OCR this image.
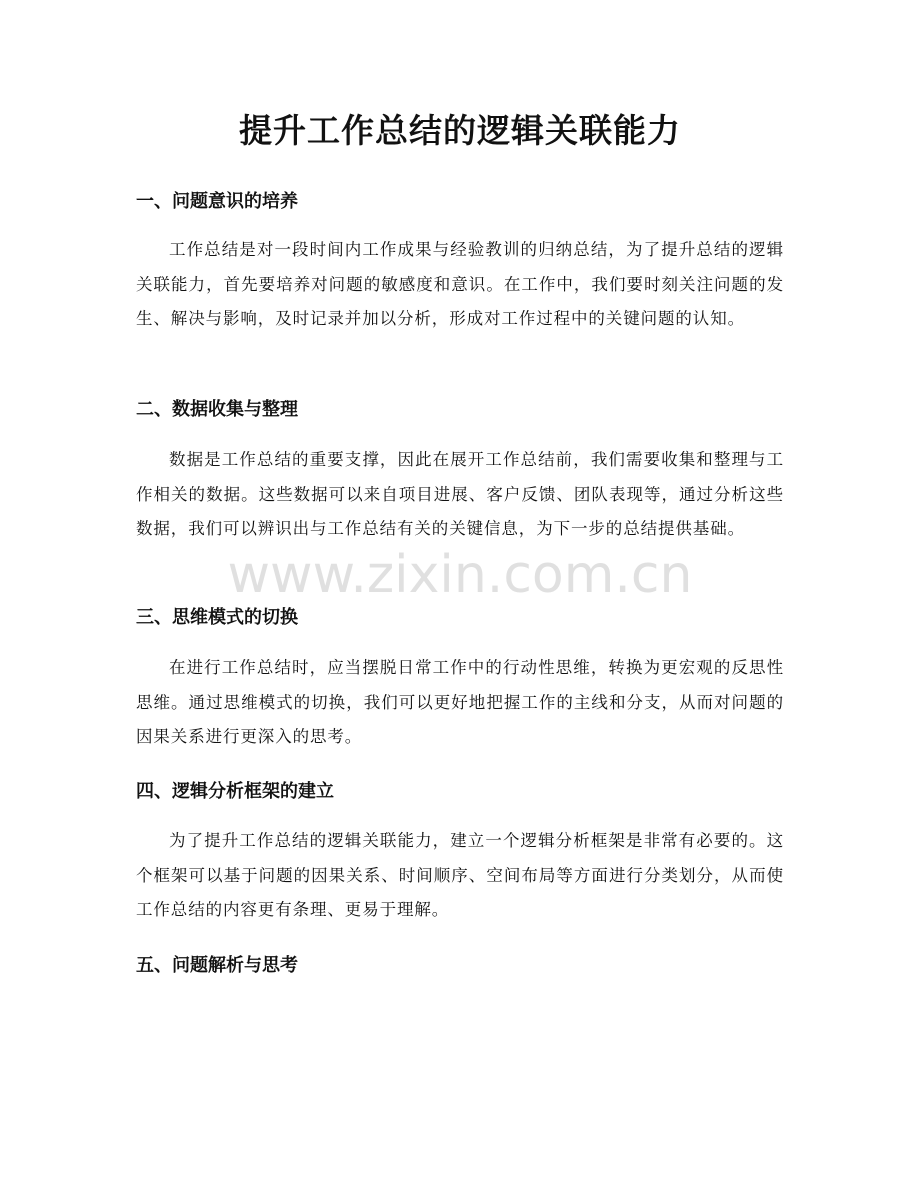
提升工作总结的逻辑关联能力
一、问题意识的培养

工作总结是对一段时间内工作成果与经验教训的归纳总结，为了提升总结的逻辑关联能力，首先要培养对问题的敏感度和意识。在工作中，我们要时刻关注问题的发生、解决与影响，及时记录并加以分析，形成对工作过程中的关键问题的认知。

二、数据收集与整理

数据是工作总结的重要支撑，因此在展开工作总结前，我们需要收集和整理与工作相关的数据。这些数据可以来自项目进展、客户反馈、团队表现等，通过分析这些数据，我们可以辨识出与工作总结有关的关键信息，为下一步的总结提供基础。

三、思维模式的切换

在进行工作总结时，应当摆脱日常工作中的行动性思维，转换为更宏观的反思性思维。通过思维模式的切换，我们可以更好地把握工作的主线和分支，从而对问题的因果关系进行更深入的思考。

四、逻辑分析框架的建立

为了提升工作总结的逻辑关联能力，建立一个逻辑分析框架是非常有必要的。这个框架可以基于问题的因果关系、时间顺序、空间布局等方面进行分类划分，从而使工作总结的内容更有条理、更易于理解。

五、问题解析与思考
www.zixin.com.cn
